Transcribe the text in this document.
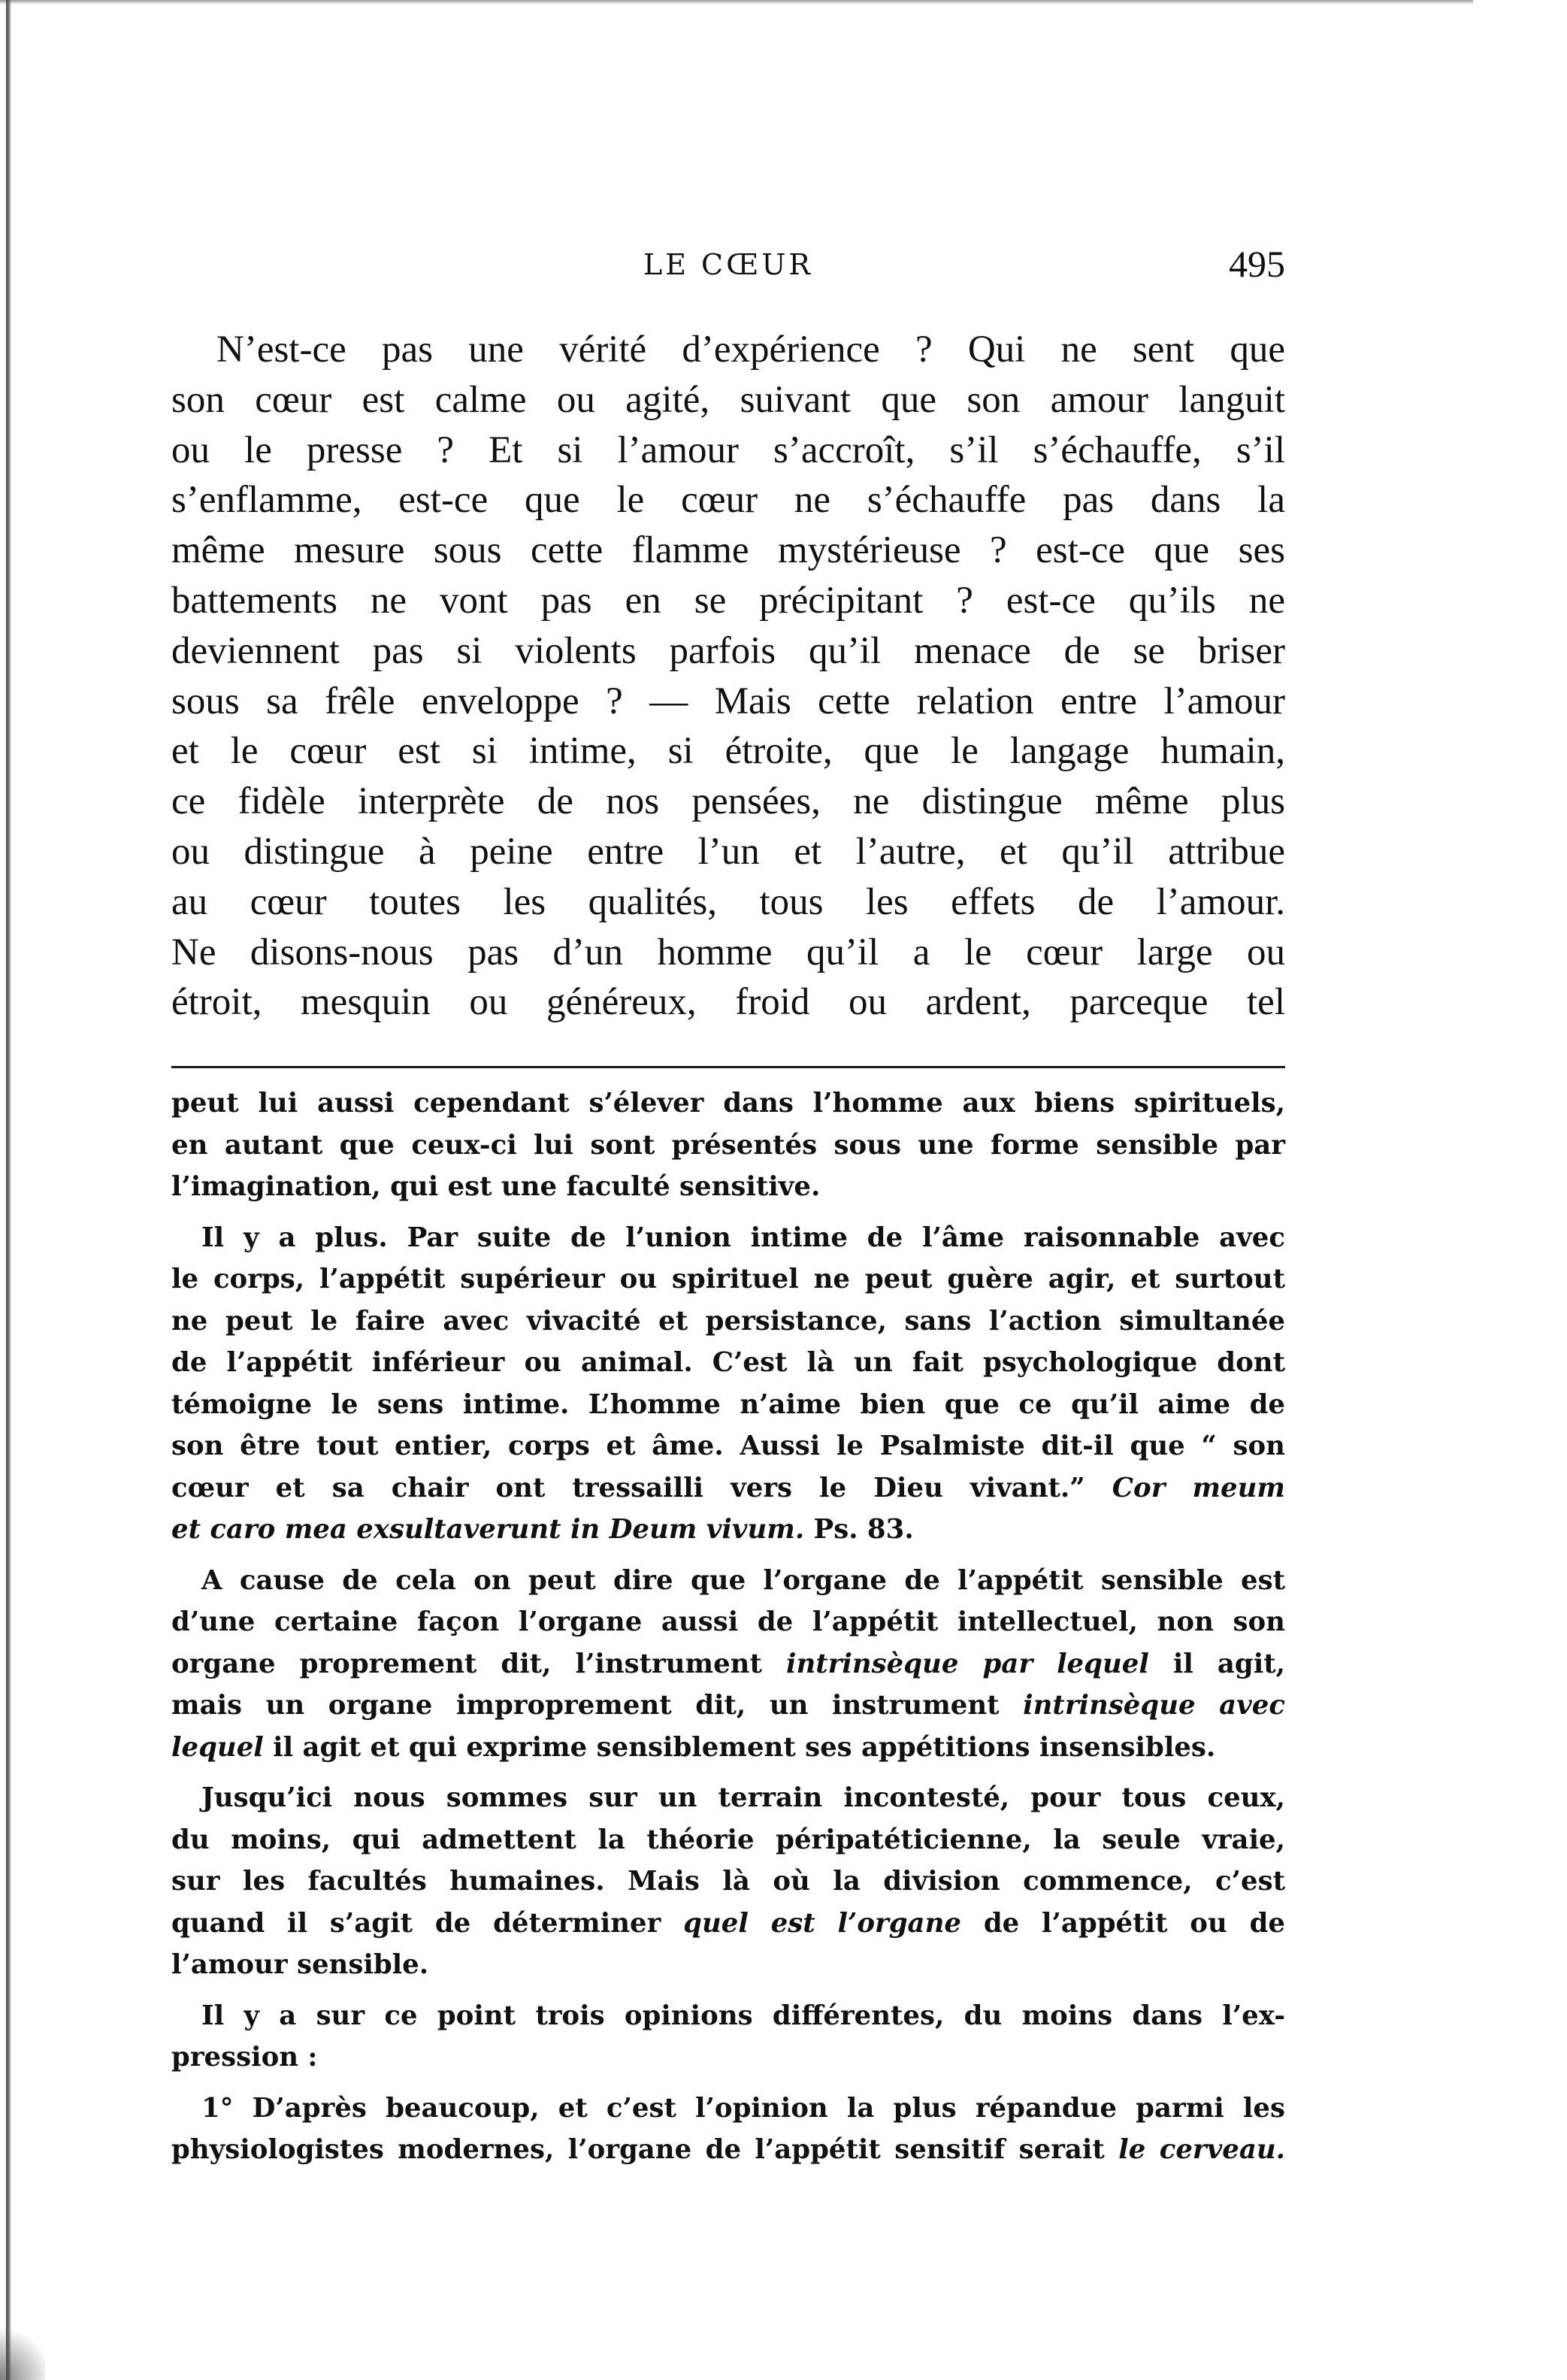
LE CŒUR	495
N’est-ce pas une vérité d’expérience ? Qui ne sent que
son cœur est calme ou agité, suivant que son amour languit
ou le presse ? Et si l’amour s’accroît, s’il s’échauffe, s’il
s’enflamme, est-ce que le cœur ne s’échauffe pas dans la
même mesure sous cette flamme mystérieuse ? est-ce que ses
battements ne vont pas en se précipitant ? est-ce qu’ils ne
deviennent pas si violents parfois qu’il menace de se briser
sous sa frêle enveloppe ? — Mais cette relation entre l’amour
et le cœur est si intime, si étroite, que le langage humain,
ce fidèle interprète de nos pensées, ne distingue même plus
ou distingue à peine entre l’un et l’autre, et qu’il attribue
au cœur toutes les qualités, tous les effets de l’amour.
Ne disons-nous pas d’un homme qu’il a le cœur large ou
étroit, mesquin ou généreux, froid ou ardent, parceque tel

peut lui aussi cependant s’élever dans l’homme aux biens spirituels,
en autant que ceux-ci lui sont présentés sous une forme sensible par
l’imagination, qui est une faculté sensitive.

Il y a plus. Par suite de l’union intime de l’âme raisonnable avec
le corps, l’appétit supérieur ou spirituel ne peut guère agir, et surtout
ne peut le faire avec vivacité et persistance, sans l’action simultanée
de l’appétit inférieur ou animal. C’est là un fait psychologique dont
témoigne le sens intime. L’homme n’aime bien que ce qu’il aime de
son être tout entier, corps et âme. Aussi le Psalmiste dit-il que “ son
cœur et sa chair ont tressailli vers le Dieu vivant.” Cor meum
et caro mea exsultaverunt in Deum vivum. Ps. 83.

A cause de cela on peut dire que l’organe de l’appétit sensible est
d’une certaine façon l’organe aussi de l’appétit intellectuel, non son
organe proprement dit, l’instrument intrinsèque par lequel il agit,
mais un organe improprement dit, un instrument intrinsèque avec
lequel il agit et qui exprime sensiblement ses appétitions insensibles.

Jusqu’ici nous sommes sur un terrain incontesté, pour tous ceux,
du moins, qui admettent la théorie péripatéticienne, la seule vraie,
sur les facultés humaines. Mais là où la division commence, c’est
quand il s’agit de déterminer quel est l’organe de l’appétit ou de
l’amour sensible.

Il y a sur ce point trois opinions différentes, du moins dans l’ex-
pression :

1° D’après beaucoup, et c’est l’opinion la plus répandue parmi les
physiologistes modernes, l’organe de l’appétit sensitif serait le cerveau.
